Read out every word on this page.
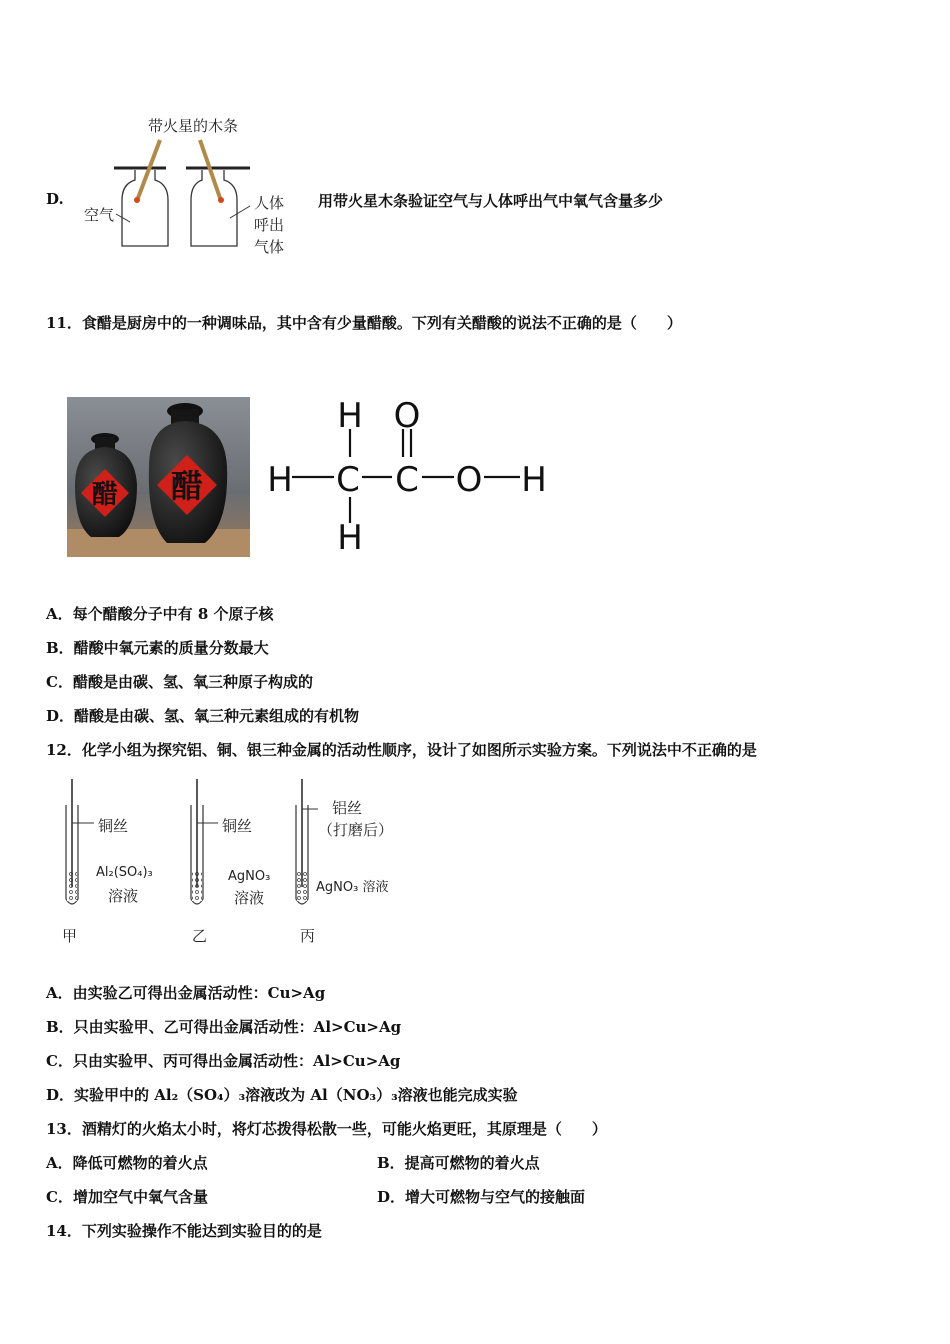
D.
带火星的木条
空气
人体
呼出
气体
用带火星木条验证空气与人体呼出气中氧气含量多少
11．食醋是厨房中的一种调味品，其中含有少量醋酸。下列有关醋酸的说法不正确的是（　　）
醋 醋 H C C O H
H
H
O
A．每个醋酸分子中有 8 个原子核
B．醋酸中氧元素的质量分数最大
C．醋酸是由碳、氢、氧三种原子构成的
D．醋酸是由碳、氢、氧三种元素组成的有机物
12．化学小组为探究铝、铜、银三种金属的活动性顺序，设计了如图所示实验方案。下列说法中不正确的是
铜丝
Al₂(SO₄)₃
溶液
甲
铜丝
AgNO₃
溶液
乙
铝丝
（打磨后）
AgNO₃ 溶液
丙
A．由实验乙可得出金属活动性：Cu>Ag
B．只由实验甲、乙可得出金属活动性：Al>Cu>Ag
C．只由实验甲、丙可得出金属活动性：Al>Cu>Ag
D．实验甲中的 Al₂（SO₄）₃溶液改为 Al（NO₃）₃溶液也能完成实验
13．酒精灯的火焰太小时，将灯芯拨得松散一些，可能火焰更旺，其原理是（　　）
A．降低可燃物的着火点	B．提高可燃物的着火点
C．增加空气中氧气含量	D．增大可燃物与空气的接触面
14．下列实验操作不能达到实验目的的是
